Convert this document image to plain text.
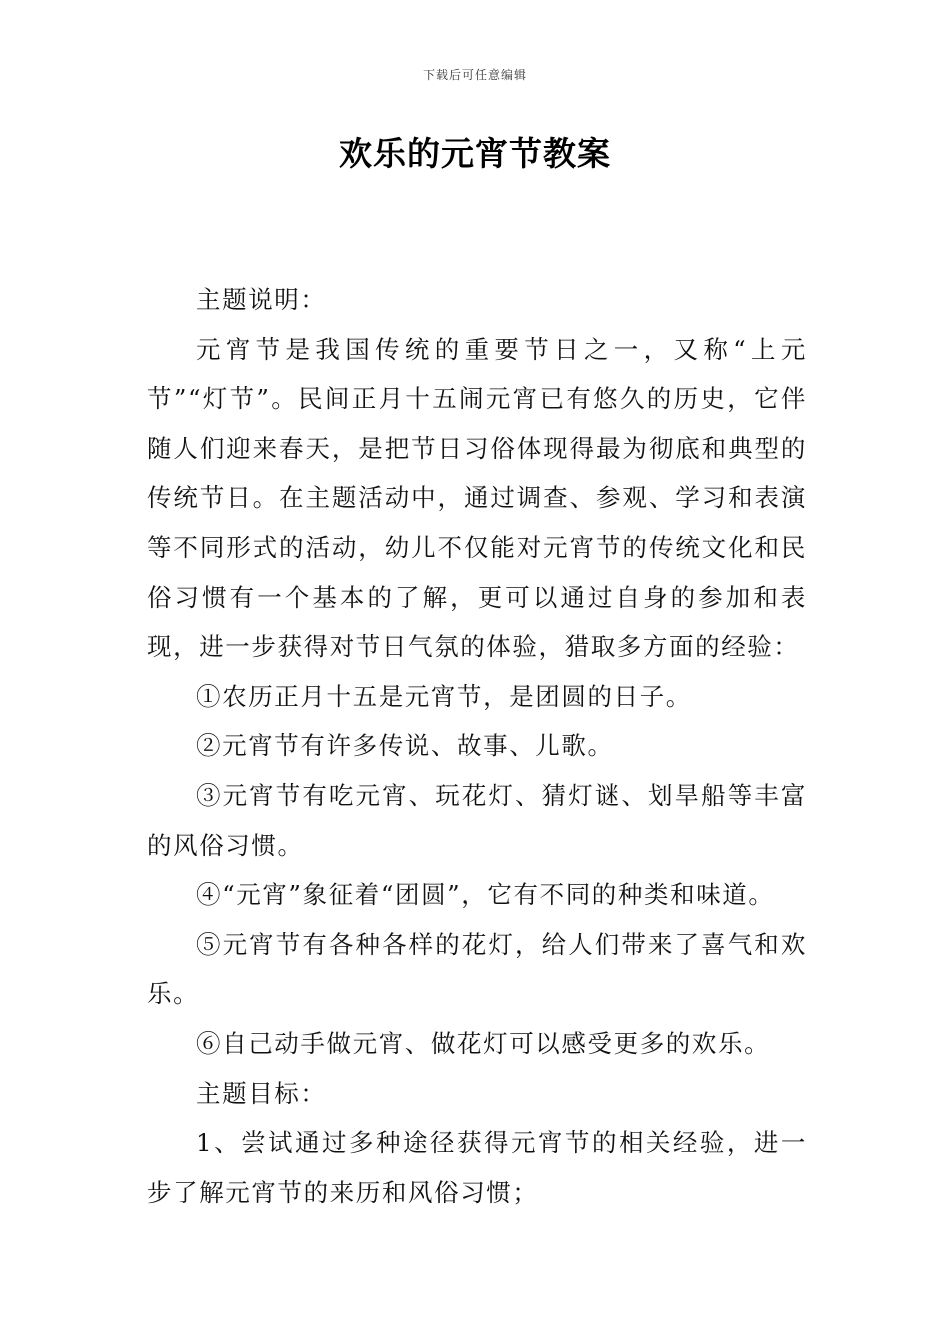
下载后可任意编辑
欢乐的元宵节教案

主题说明：

元宵节是我国传统的重要节日之一，又称“上元节”“灯节”。民间正月十五闹元宵已有悠久的历史，它伴随人们迎来春天，是把节日习俗体现得最为彻底和典型的传统节日。在主题活动中，通过调查、参观、学习和表演等不同形式的活动，幼儿不仅能对元宵节的传统文化和民俗习惯有一个基本的了解，更可以通过自身的参加和表现，进一步获得对节日气氛的体验，猎取多方面的经验：

①农历正月十五是元宵节，是团圆的日子。

②元宵节有许多传说、故事、儿歌。

③元宵节有吃元宵、玩花灯、猜灯谜、划旱船等丰富的风俗习惯。

④“元宵”象征着“团圆”，它有不同的种类和味道。

⑤元宵节有各种各样的花灯，给人们带来了喜气和欢乐。

⑥自己动手做元宵、做花灯可以感受更多的欢乐。

主题目标：

1、尝试通过多种途径获得元宵节的相关经验，进一步了解元宵节的来历和风俗习惯；
